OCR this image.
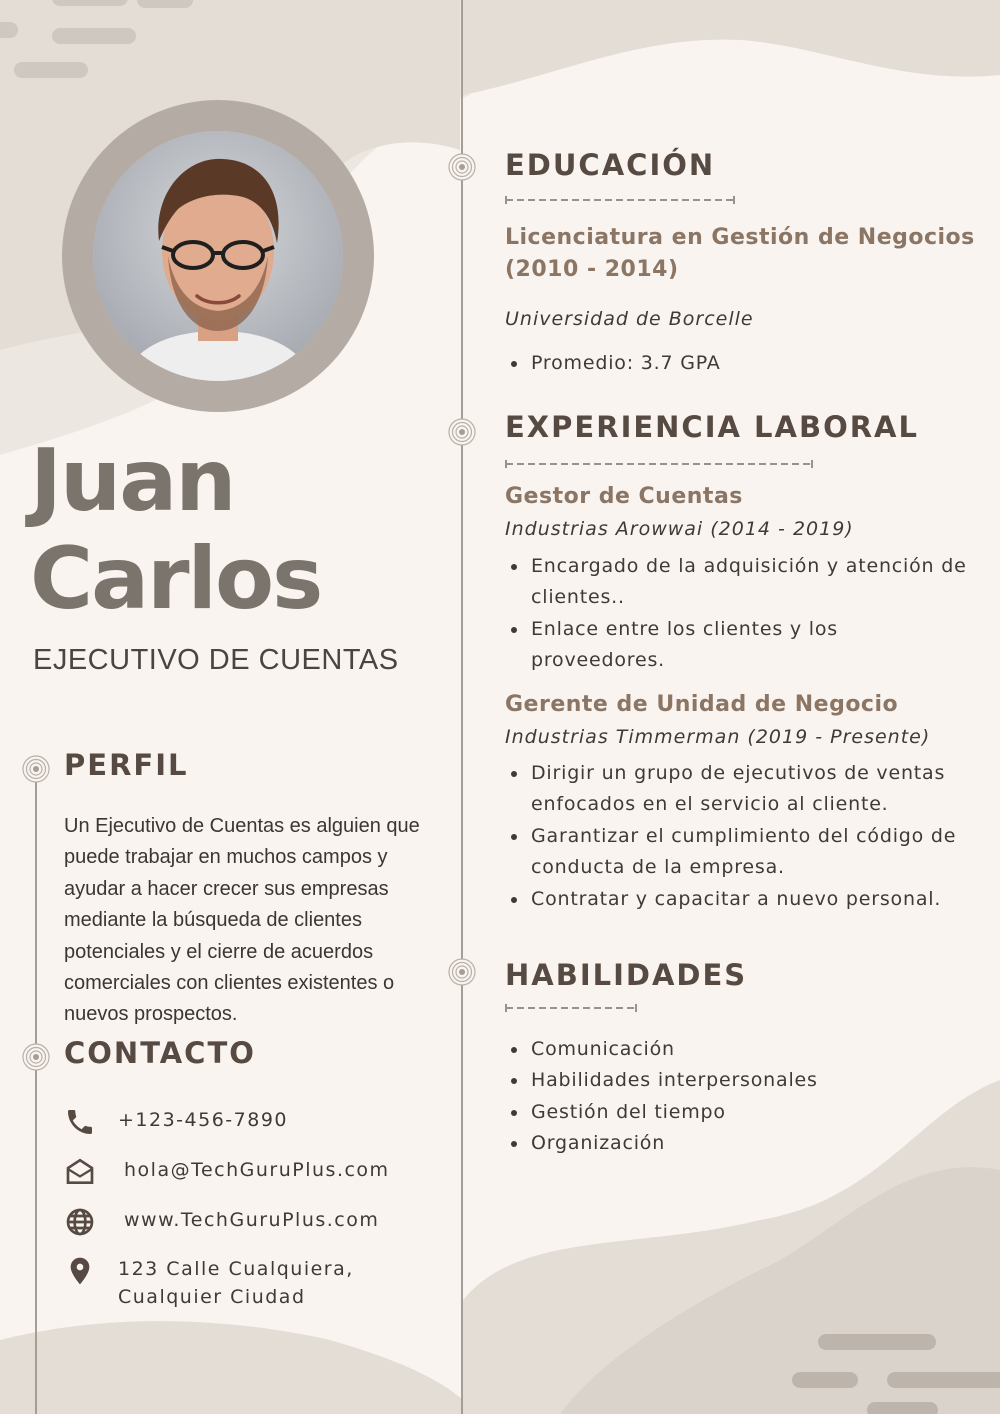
Juan
Carlos
EJECUTIVO DE CUENTAS
PERFIL
Un Ejecutivo de Cuentas es alguien que puede trabajar en muchos campos y ayudar a hacer crecer sus empresas mediante la búsqueda de clientes potenciales y el cierre de acuerdos comerciales con clientes existentes o nuevos prospectos.
CONTACTO
+123-456-7890
hola@TechGuruPlus.com
www.TechGuruPlus.com
123 Calle Cualquiera, Cualquier Ciudad
EDUCACIÓN
Licenciatura en Gestión de Negocios (2010 - 2014)
Universidad de Borcelle
Promedio: 3.7 GPA
EXPERIENCIA LABORAL
Gestor de Cuentas
Industrias Arowwai (2014 - 2019)
Encargado de la adquisición y atención de clientes..
Enlace entre los clientes y los proveedores.
Gerente de Unidad de Negocio
Industrias Timmerman (2019 - Presente)
Dirigir un grupo de ejecutivos de ventas enfocados en el servicio al cliente.
Garantizar el cumplimiento del código de conducta de la empresa.
Contratar y capacitar a nuevo personal.
HABILIDADES
Comunicación
Habilidades interpersonales
Gestión del tiempo
Organización
